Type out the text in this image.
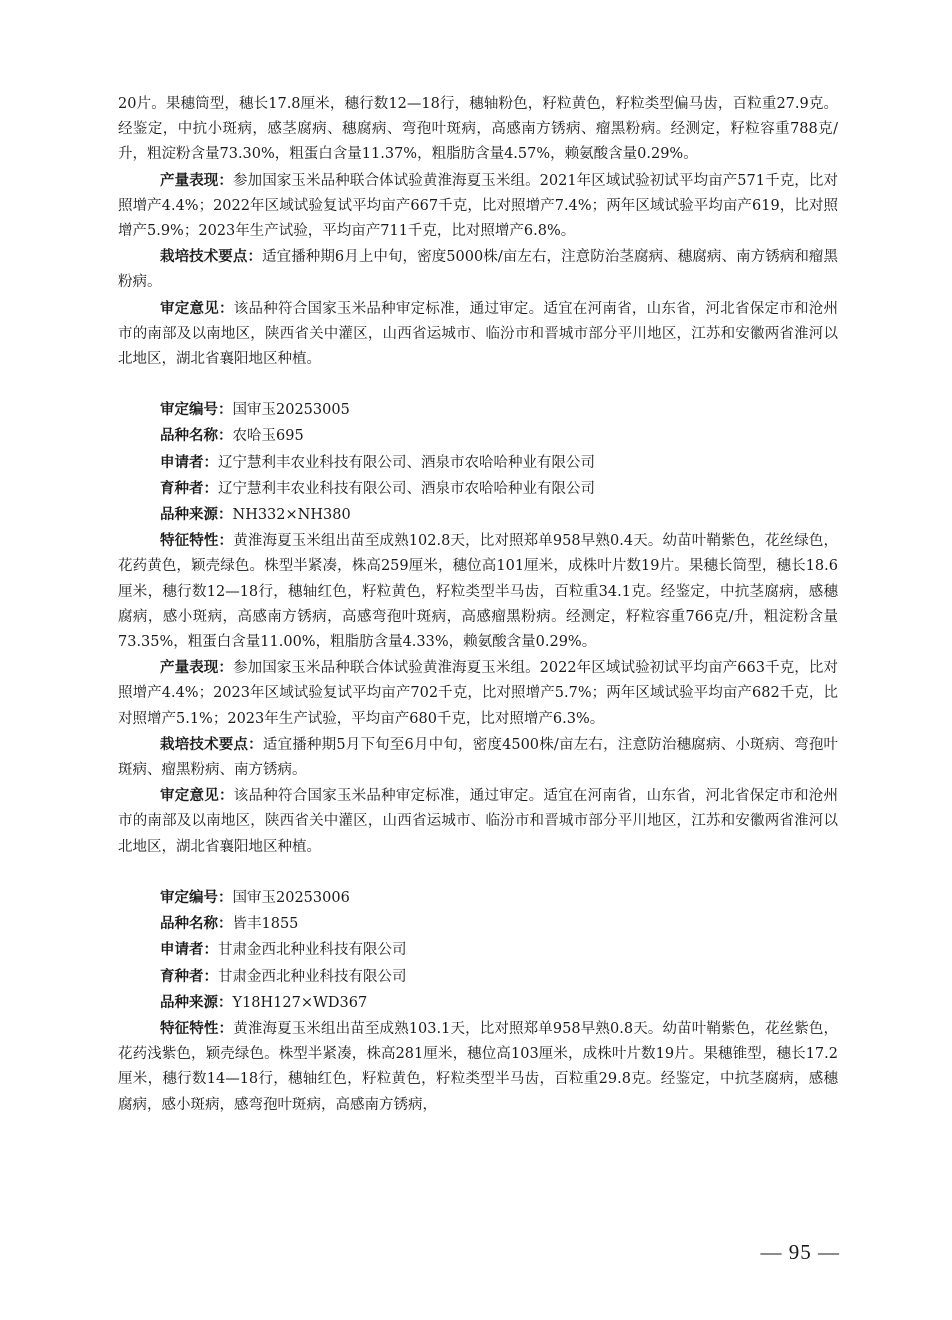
20片。果穗筒型，穗长17.8厘米，穗行数12—18行，穗轴粉色，籽粒黄色，籽粒类型偏马齿，百粒重27.9克。经鉴定，中抗小斑病，感茎腐病、穗腐病、弯孢叶斑病，高感南方锈病、瘤黑粉病。经测定，籽粒容重788克/升，粗淀粉含量73.30%，粗蛋白含量11.37%，粗脂肪含量4.57%，赖氨酸含量0.29%。

产量表现：参加国家玉米品种联合体试验黄淮海夏玉米组。2021年区域试验初试平均亩产571千克，比对照增产4.4%；2022年区域试验复试平均亩产667千克，比对照增产7.4%；两年区域试验平均亩产619，比对照增产5.9%；2023年生产试验，平均亩产711千克，比对照增产6.8%。

栽培技术要点：适宜播种期6月上中旬，密度5000株/亩左右，注意防治茎腐病、穗腐病、南方锈病和瘤黑粉病。

审定意见：该品种符合国家玉米品种审定标准，通过审定。适宜在河南省，山东省，河北省保定市和沧州市的南部及以南地区，陕西省关中灌区，山西省运城市、临汾市和晋城市部分平川地区，江苏和安徽两省淮河以北地区，湖北省襄阳地区种植。

审定编号：国审玉20253005

品种名称：农哈玉695

申请者：辽宁慧利丰农业科技有限公司、酒泉市农哈哈种业有限公司

育种者：辽宁慧利丰农业科技有限公司、酒泉市农哈哈种业有限公司

品种来源：NH332×NH380

特征特性：黄淮海夏玉米组出苗至成熟102.8天，比对照郑单958早熟0.4天。幼苗叶鞘紫色，花丝绿色，花药黄色，颖壳绿色。株型半紧凑，株高259厘米，穗位高101厘米，成株叶片数19片。果穗长筒型，穗长18.6厘米，穗行数12—18行，穗轴红色，籽粒黄色，籽粒类型半马齿，百粒重34.1克。经鉴定，中抗茎腐病，感穗腐病，感小斑病，高感南方锈病，高感弯孢叶斑病，高感瘤黑粉病。经测定，籽粒容重766克/升，粗淀粉含量73.35%，粗蛋白含量11.00%，粗脂肪含量4.33%，赖氨酸含量0.29%。

产量表现：参加国家玉米品种联合体试验黄淮海夏玉米组。2022年区域试验初试平均亩产663千克，比对照增产4.4%；2023年区域试验复试平均亩产702千克，比对照增产5.7%；两年区域试验平均亩产682千克，比对照增产5.1%；2023年生产试验，平均亩产680千克，比对照增产6.3%。

栽培技术要点：适宜播种期5月下旬至6月中旬，密度4500株/亩左右，注意防治穗腐病、小斑病、弯孢叶斑病、瘤黑粉病、南方锈病。

审定意见：该品种符合国家玉米品种审定标准，通过审定。适宜在河南省，山东省，河北省保定市和沧州市的南部及以南地区，陕西省关中灌区，山西省运城市、临汾市和晋城市部分平川地区，江苏和安徽两省淮河以北地区，湖北省襄阳地区种植。

审定编号：国审玉20253006

品种名称：皆丰1855

申请者：甘肃金西北种业科技有限公司

育种者：甘肃金西北种业科技有限公司

品种来源：Y18H127×WD367

特征特性：黄淮海夏玉米组出苗至成熟103.1天，比对照郑单958早熟0.8天。幼苗叶鞘紫色，花丝紫色，花药浅紫色，颖壳绿色。株型半紧凑，株高281厘米，穗位高103厘米，成株叶片数19片。果穗锥型，穗长17.2厘米，穗行数14—18行，穗轴红色，籽粒黄色，籽粒类型半马齿，百粒重29.8克。经鉴定，中抗茎腐病，感穗腐病，感小斑病，感弯孢叶斑病，高感南方锈病，

— 95 —
